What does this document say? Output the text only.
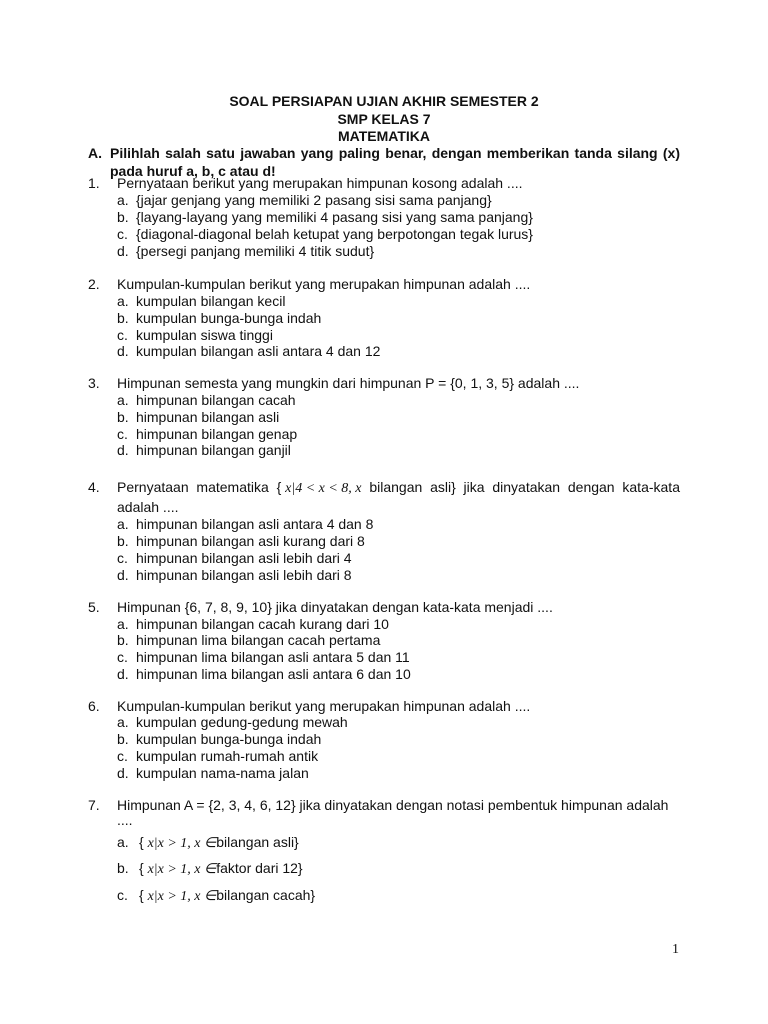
SOAL PERSIAPAN UJIAN AKHIR SEMESTER 2
SMP KELAS 7
MATEMATIKA
A. Pilihlah salah satu jawaban yang paling benar, dengan memberikan tanda silang (x) pada huruf a, b, c atau d!
1. Pernyataan berikut yang merupakan himpunan kosong adalah ....
a. {jajar genjang yang memiliki 2 pasang sisi sama panjang}
b. {layang-layang yang memiliki 4 pasang sisi yang sama panjang}
c. {diagonal-diagonal belah ketupat yang berpotongan tegak lurus}
d. {persegi panjang memiliki 4 titik sudut}
2. Kumpulan-kumpulan berikut yang merupakan himpunan adalah ....
a. kumpulan bilangan kecil
b. kumpulan bunga-bunga indah
c. kumpulan siswa tinggi
d. kumpulan bilangan asli antara 4 dan 12
3. Himpunan semesta yang mungkin dari himpunan P = {0, 1, 3, 5} adalah ....
a. himpunan bilangan cacah
b. himpunan bilangan asli
c. himpunan bilangan genap
d. himpunan bilangan ganjil
4.	Pernyataan matematika { x|4 < x < 8, x bilangan asli} jika dinyatakan dengan kata-kata
adalah ....
a. himpunan bilangan asli antara 4 dan 8
b. himpunan bilangan asli kurang dari 8
c. himpunan bilangan asli lebih dari 4
d. himpunan bilangan asli lebih dari 8
5. Himpunan {6, 7, 8, 9, 10} jika dinyatakan dengan kata-kata menjadi ....
a. himpunan bilangan cacah kurang dari 10
b. himpunan lima bilangan cacah pertama
c. himpunan lima bilangan asli antara 5 dan 11
d. himpunan lima bilangan asli antara 6 dan 10
6. Kumpulan-kumpulan berikut yang merupakan himpunan adalah ....
a. kumpulan gedung-gedung mewah
b. kumpulan bunga-bunga indah
c. kumpulan rumah-rumah antik
d. kumpulan nama-nama jalan
7. Himpunan A = {2, 3, 4, 6, 12} jika dinyatakan dengan notasi pembentuk himpunan adalah
....
a. { x|x > 1, x ∈bilangan asli}
b. { x|x > 1, x ∈faktor dari 12}
c. { x|x > 1, x ∈bilangan cacah}
1
